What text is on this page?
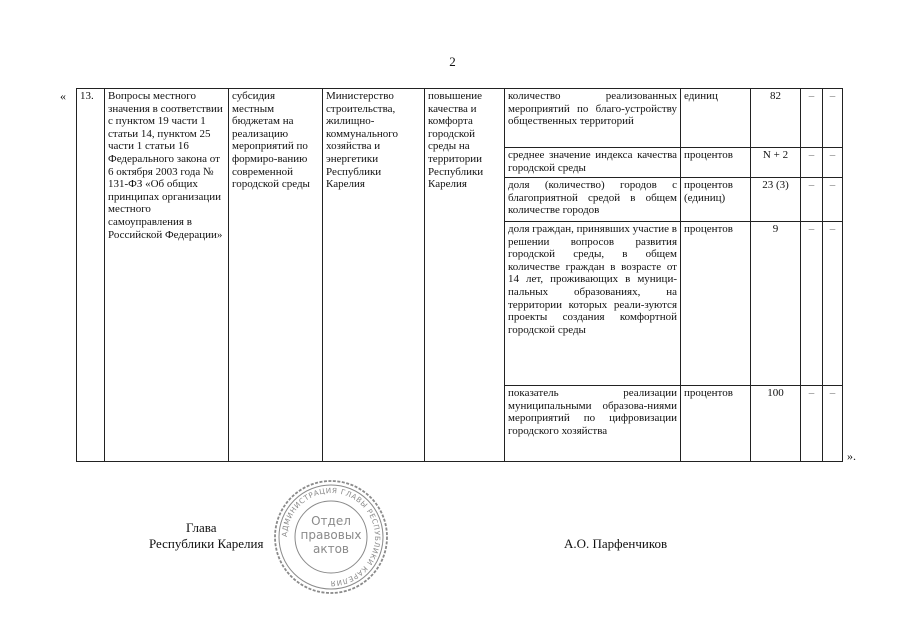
2
« 13.	Вопросы местного значения в соответствии с пунктом 19 части 1 статьи 14, пунктом 25 части 1 статьи 16 Федерального закона от 6 октября 2003 года № 131-ФЗ «Об общих принципах организации местного самоуправления в Российской Федерации»	субсидия местным бюджетам на реализацию мероприятий по формиро-ванию современной городской среды	Министерство строительства, жилищно-коммунального хозяйства и энергетики Республики Карелия	повышение качества и комфорта городской среды на территории Республики Карелия	количество реализованных мероприятий по благо-устройству общественных территорий	единиц	82	–	–
					среднее значение индекса качества городской среды	процентов	N + 2	–	–
					доля (количество) городов с благоприятной средой в общем количестве городов	процентов (единиц)	23 (3)	–	–
					доля граждан, принявших участие в решении вопросов развития городской среды, в общем количестве граждан в возрасте от 14 лет, проживающих в муници-пальных образованиях, на территории которых реали-зуются проекты создания комфортной городской среды	процентов	9	–	–
					показатель реализации муниципальными образова-ниями мероприятий по цифровизации городского хозяйства	процентов	100	–	–
».
Глава
Республики Карелия	А.О. Парфенчиков
АДМИНИСТРАЦИЯ ГЛАВЫ РЕСПУБЛИКИ КАРЕЛИЯ
Отдел
правовых
актов
